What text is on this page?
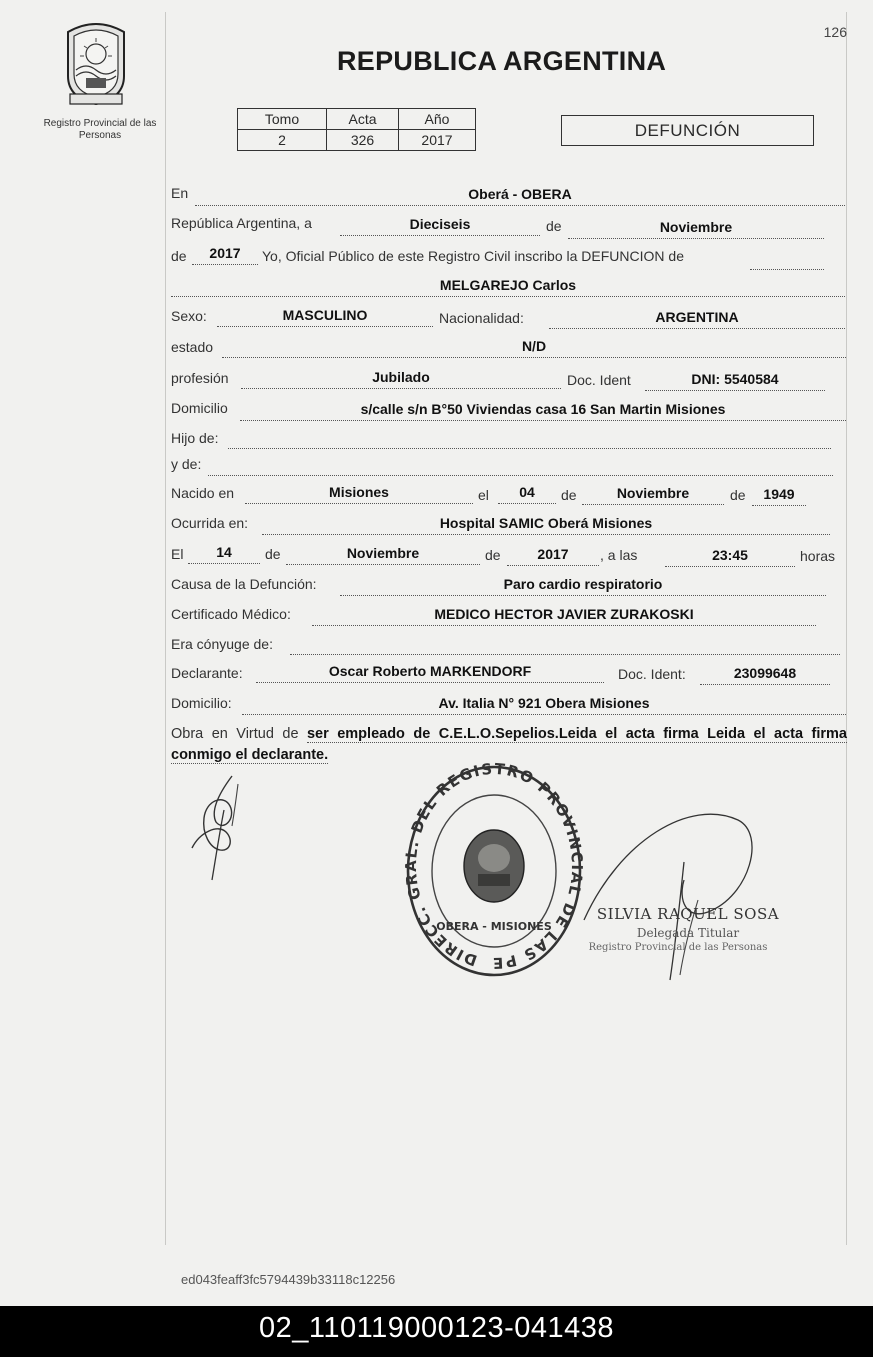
126
Registro Provincial de las Personas
REPUBLICA ARGENTINA
Tomo	Acta	Año
2	326	2017	DEFUNCIÓN
En	Oberá - OBERA
República Argentina, a	Dieciseis	de	Noviembre
de	2017	Yo, Oficial Público de este Registro Civil inscribo la DEFUNCION de
MELGAREJO Carlos
Sexo:	MASCULINO	Nacionalidad:	ARGENTINA
estado	N/D
profesión	Jubilado	Doc. Ident	DNI: 5540584
Domicilio	s/calle s/n B°50 Viviendas casa 16 San Martin Misiones
Hijo de:
y de:
Nacido en	Misiones	el	04	de	Noviembre	de	1949
Ocurrida en:	Hospital SAMIC Oberá Misiones
El	14	de	Noviembre	de	2017	, a las	23:45	horas
Causa de la Defunción:	Paro cardio respiratorio
Certificado Médico:	MEDICO HECTOR JAVIER ZURAKOSKI
Era cónyuge de:
Declarante:	Oscar Roberto MARKENDORF	Doc. Ident:	23099648
Domicilio:	Av. Italia N° 921 Obera Misiones
Obra en Virtud de ser empleado de C.E.L.O.Sepelios.Leida el acta firma Leida el acta firma conmigo el declarante.
DIRECC. G L. DEL REGISTRO PROVIN L DE LAS PE
OBERA - MISIONES
SILVIA RAQUEL SOSA
Delegada Titular
Registro Provincial de las Personas
ed043feaff3fc5794439b33118c12256
02_110119000123-041438
